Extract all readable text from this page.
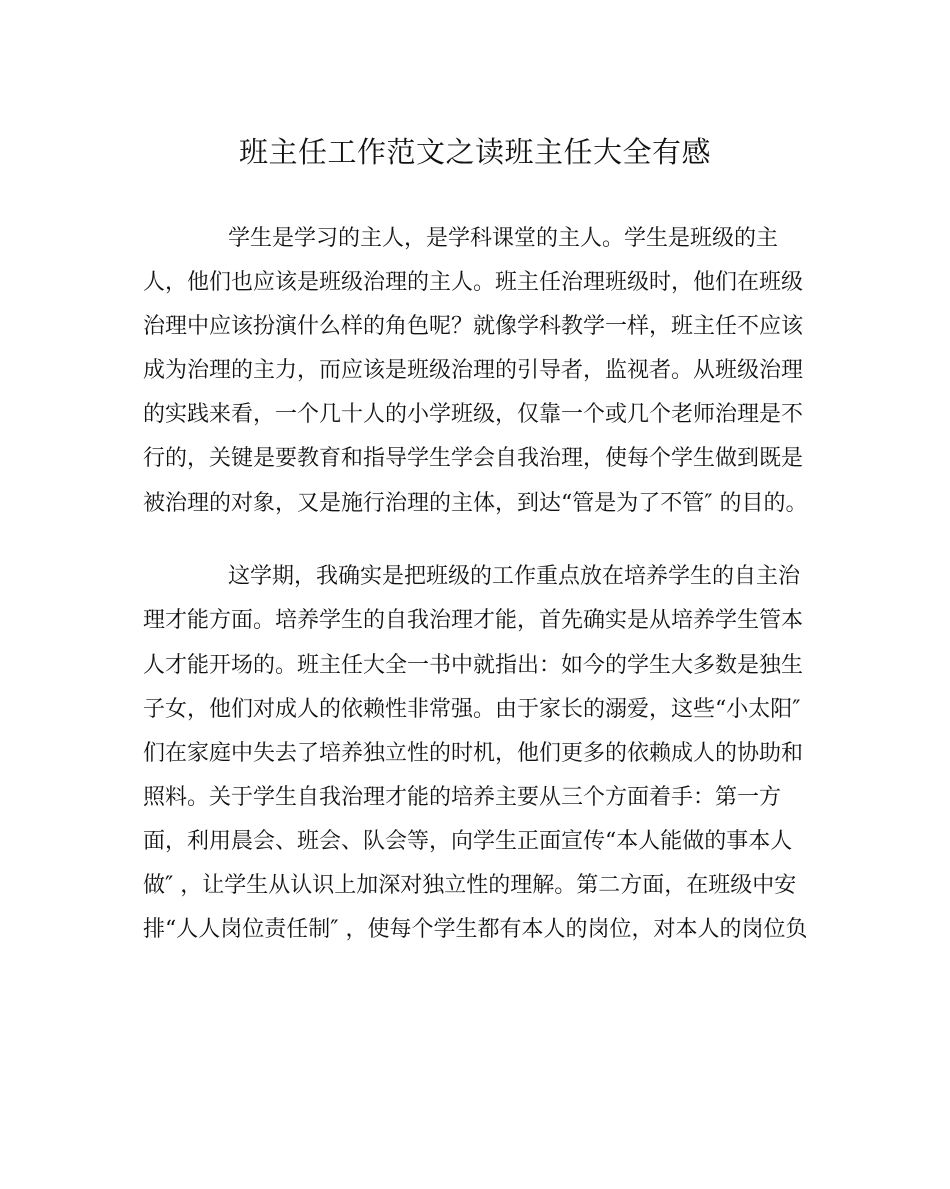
班主任工作范文之读班主任大全有感

学生是学习的主人，是学科课堂的主人。学生是班级的主

人，他们也应该是班级治理的主人。班主任治理班级时，他们在班级

治理中应该扮演什么样的角色呢？就像学科教学一样，班主任不应该

成为治理的主力，而应该是班级治理的引导者，监视者。从班级治理

的实践来看，一个几十人的小学班级，仅靠一个或几个老师治理是不

行的，关键是要教育和指导学生学会自我治理，使每个学生做到既是

被治理的对象，又是施行治理的主体，到达“管是为了不管″ 的目的。

这学期，我确实是把班级的工作重点放在培养学生的自主治

理才能方面。培养学生的自我治理才能，首先确实是从培养学生管本

人才能开场的。班主任大全一书中就指出：如今的学生大多数是独生

子女，他们对成人的依赖性非常强。由于家长的溺爱，这些“小太阳″

们在家庭中失去了培养独立性的时机，他们更多的依赖成人的协助和

照料。关于学生自我治理才能的培养主要从三个方面着手：第一方

面，利用晨会、班会、队会等，向学生正面宣传“本人能做的事本人

做″ ，让学生从认识上加深对独立性的理解。第二方面，在班级中安

排“人人岗位责任制″ ，使每个学生都有本人的岗位，对本人的岗位负
